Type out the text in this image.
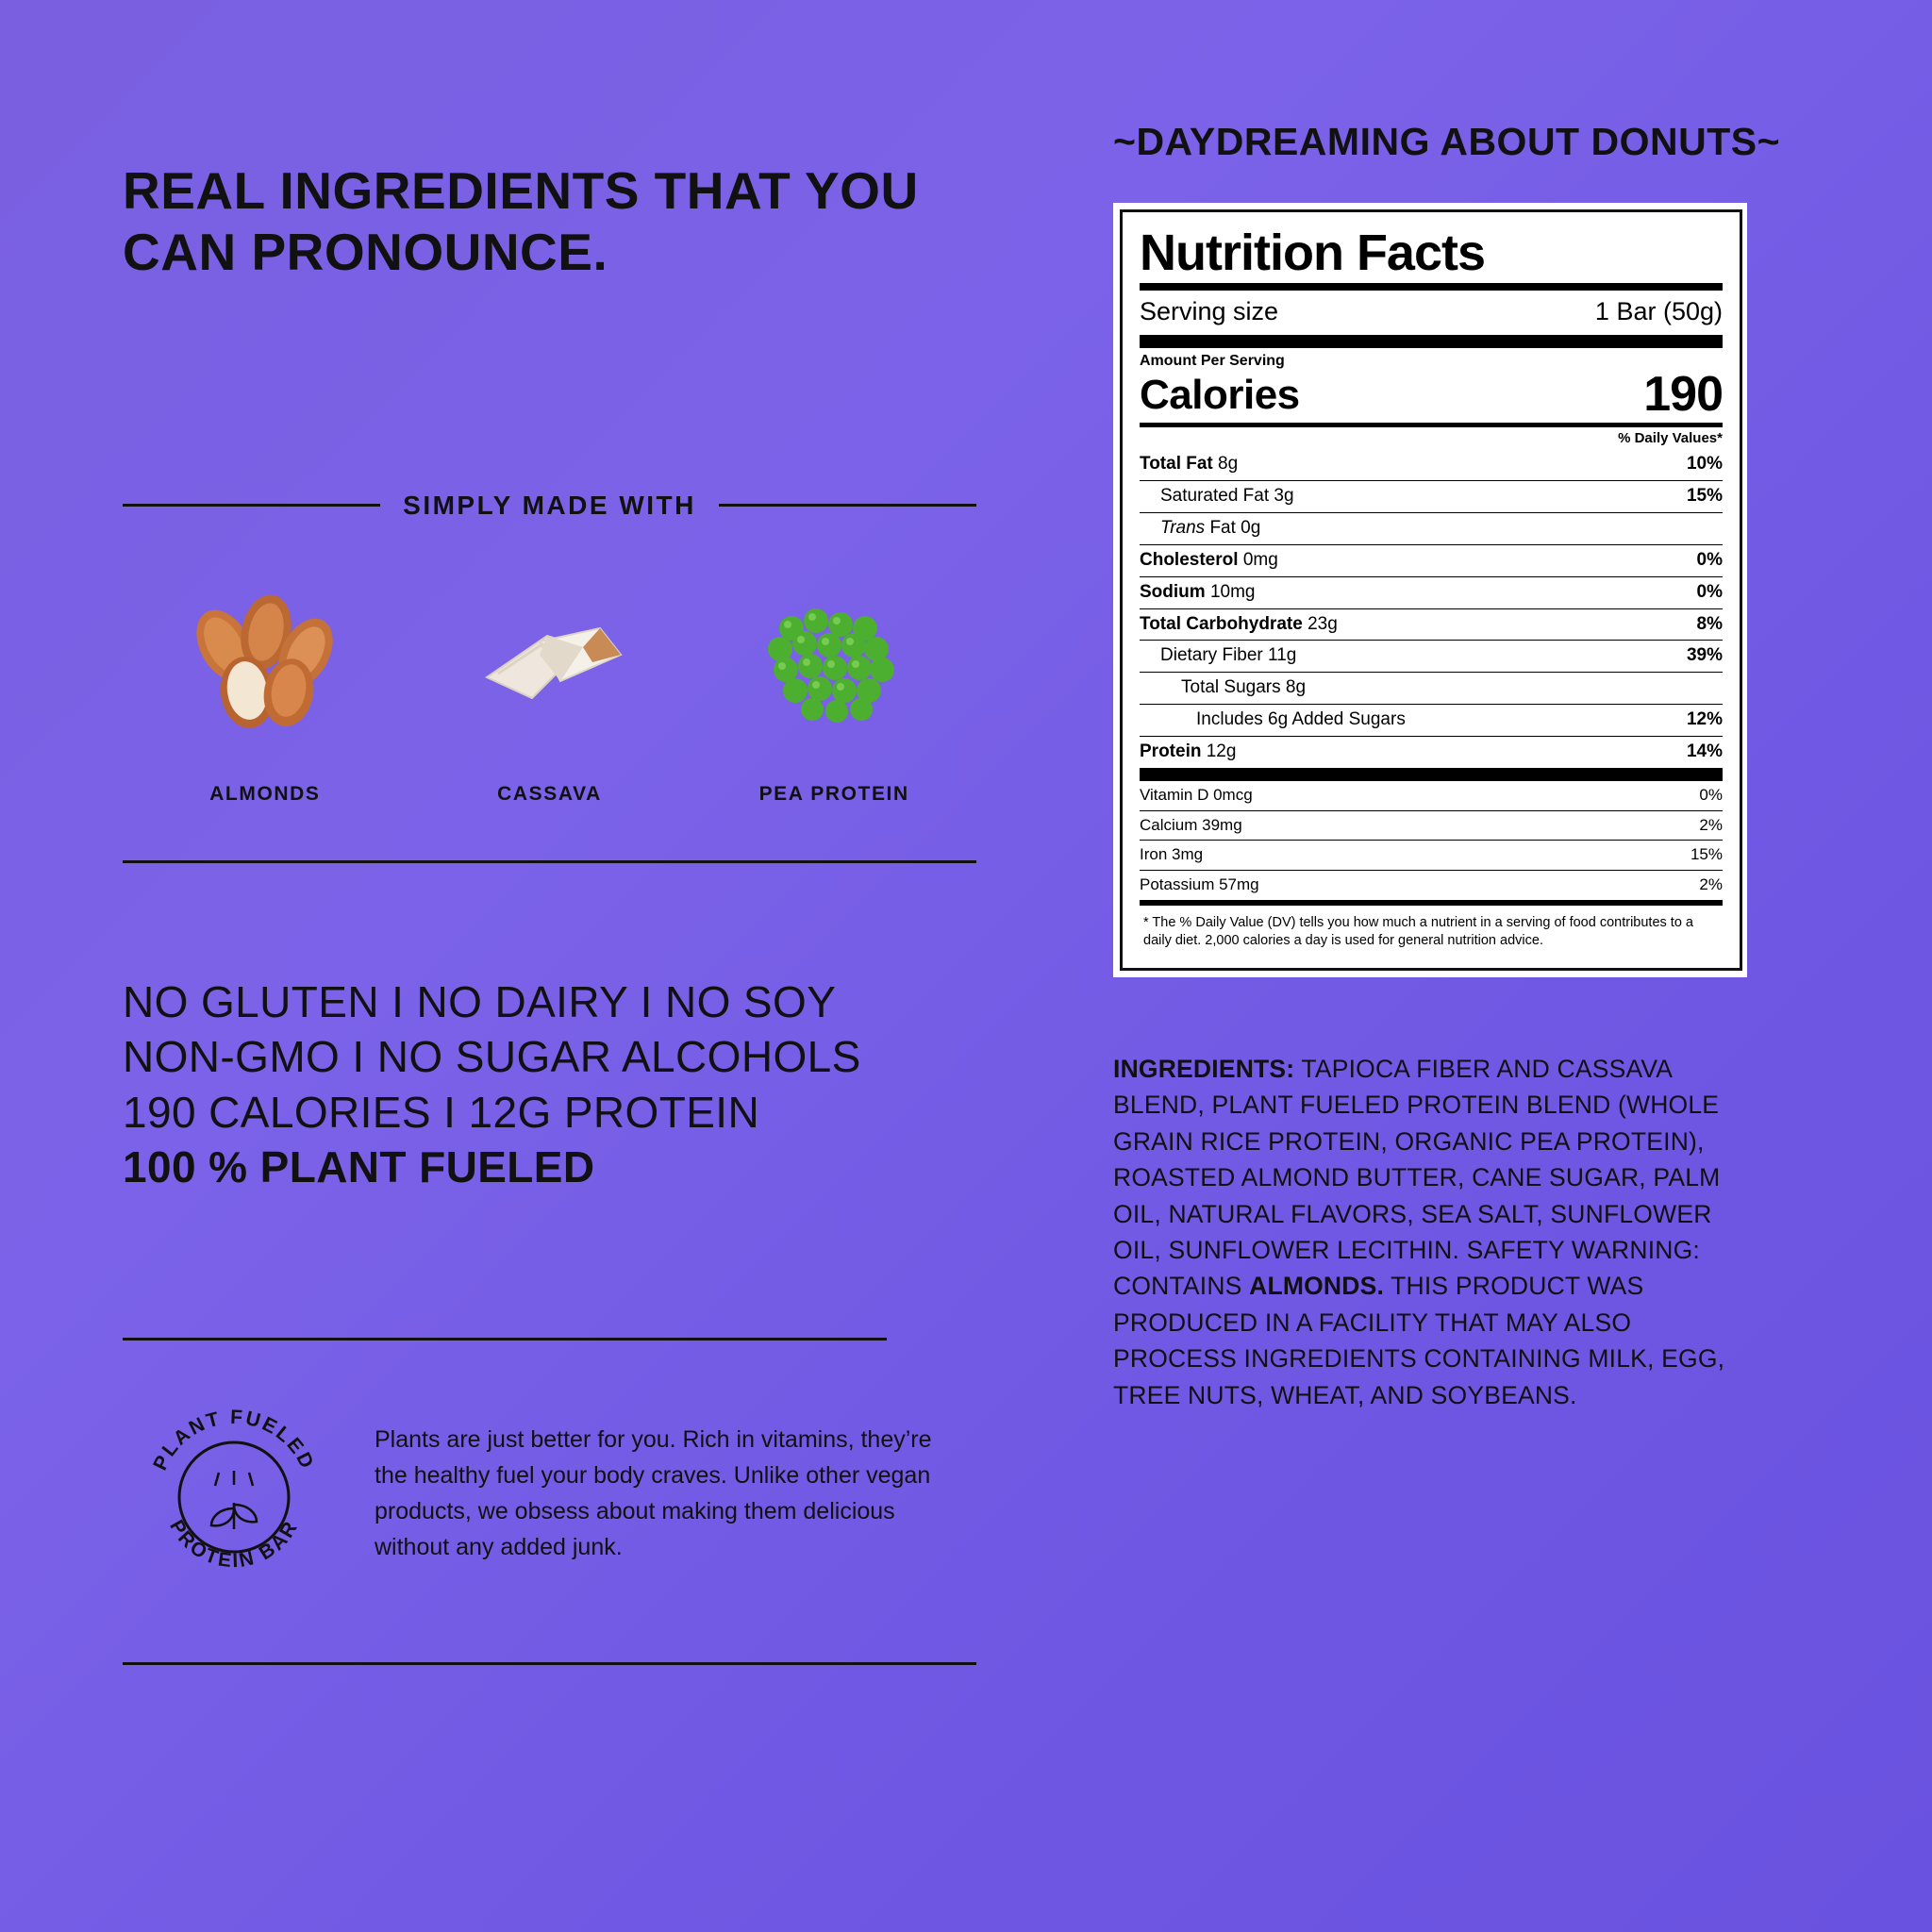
REAL INGREDIENTS THAT YOU CAN PRONOUNCE.
SIMPLY MADE WITH
ALMONDS	CASSAVA	PEA PROTEIN
NO GLUTEN I NO DAIRY I NO SOY
NON-GMO I NO SUGAR ALCOHOLS
190 CALORIES I 12G PROTEIN
100 % PLANT FUELED
PLANT FUELED
PROTEIN BAR
Plants are just better for you. Rich in vitamins, they’re the healthy fuel your body craves. Unlike other vegan products, we obsess about making them delicious without any added junk.
~DAYDREAMING ABOUT DONUTS~
Nutrition Facts
Serving size	1 Bar (50g)
Amount Per Serving
Calories	190
% Daily Values*
Total Fat 8g	10%
Saturated Fat 3g	15%
Trans Fat 0g
Cholesterol 0mg	0%
Sodium 10mg	0%
Total Carbohydrate 23g	8%
Dietary Fiber 11g	39%
Total Sugars 8g
Includes 6g Added Sugars	12%
Protein 12g	14%
Vitamin D 0mcg	0%
Calcium 39mg	2%
Iron 3mg	15%
Potassium 57mg	2%
* The % Daily Value (DV) tells you how much a nutrient in a serving of food contributes to a daily diet. 2,000 calories a day is used for general nutrition advice.
INGREDIENTS: TAPIOCA FIBER AND CASSAVA BLEND, PLANT FUELED PROTEIN BLEND (WHOLE GRAIN RICE PROTEIN, ORGANIC PEA PROTEIN), ROASTED ALMOND BUTTER, CANE SUGAR, PALM OIL, NATURAL FLAVORS, SEA SALT, SUNFLOWER OIL, SUNFLOWER LECITHIN. SAFETY WARNING: CONTAINS ALMONDS. THIS PRODUCT WAS PRODUCED IN A FACILITY THAT MAY ALSO PROCESS INGREDIENTS CONTAINING MILK, EGG, TREE NUTS, WHEAT, AND SOYBEANS.
